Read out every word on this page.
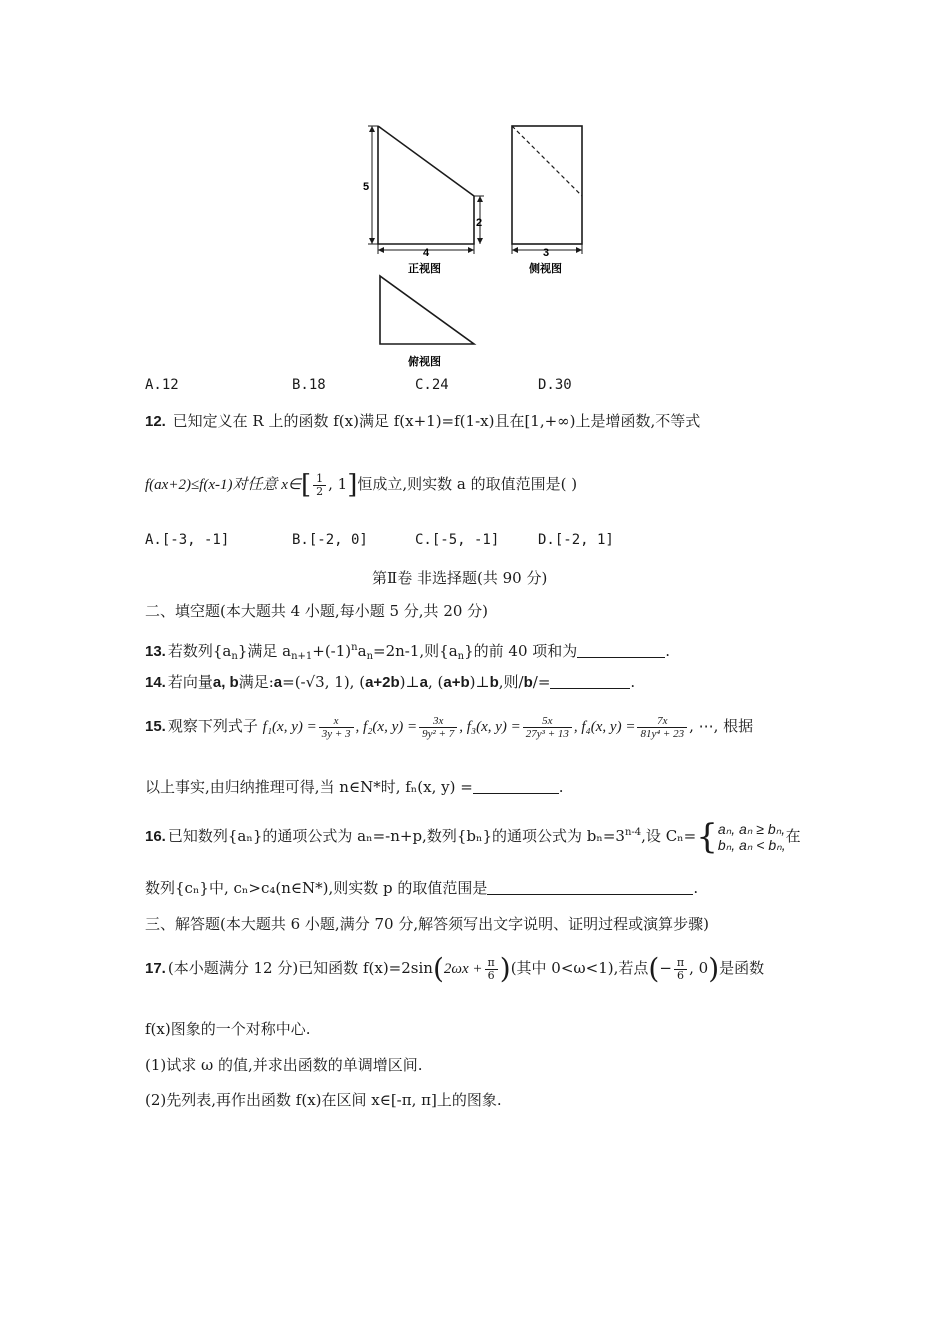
5
2
4
正视图
3
侧视图
俯视图
A.12	B.18	C.24	D.30
12. 已知定义在 R 上的函数 f(x)满足 f(x+1)=f(1-x)且在[1,+∞)上是增函数,不等式
f(ax+2)≤f(x-1)对任意 x∈[ $\frac{1}{2}$ , 1]恒成立,则实数 a 的取值范围是( )
A.[-3, -1]	B.[-2, 0]	C.[-5, -1]	D.[-2, 1]
第Ⅱ卷 非选择题(共 90 分)
二、填空题(本大题共 4 小题,每小题 5 分,共 20 分)
13. 若数列$\{a_n\}$满足 $a_{n+1}+(-1)^na_n=2n-1$,则$\{a_n\}$的前 40 项和为	.
14. 若向量a, b满足:a=(-√3, 1), (a+2b)⊥a, (a+b)⊥b,则/b/=	.
15. 观察下列式子 f₁(x, $y) = \frac{x}{3y + 3}$ , f₂(x, $y) = \frac{3x}{\text{9y² + 7}}$ , f₃(x, $y) = \frac{5x}{\text{27y³ + 13}}$ , f₄(x, $y) = \frac{7x}{\text{81y⁴ + 23}}$ , ⋯, 根据
以上事实,由归纳推理可得,当 n∈N*时, fₙ(x, y) =	.
16. 已知数列{aₙ}的通项公式为 aₙ=-n+p,数列{bₙ}的通项公式为 $b_n=3^{n-4}$,设 Cₙ={ aₙ, aₙ ≥ bₙ,
bₙ, aₙ < bₙ, 在
数列{cₙ}中, cₙ>c₄(n∈N*),则实数 p 的取值范围是	.
三、解答题(本大题共 6 小题,满分 70 分,解答须写出文字说明、证明过程或演算步骤)
17. (本小题满分 12 分)已知函数 $f(x)=2\sin(2\omega x + \frac{\pi}{6}$ )(其中 0<ω<1),若点(− $\frac{\pi}{6}$ , 0)是函数
f(x)图象的一个对称中心.
(1)试求 ω 的值,并求出函数的单调增区间.
(2)先列表,再作出函数 f(x)在区间 x∈[-π, π]上的图象.
